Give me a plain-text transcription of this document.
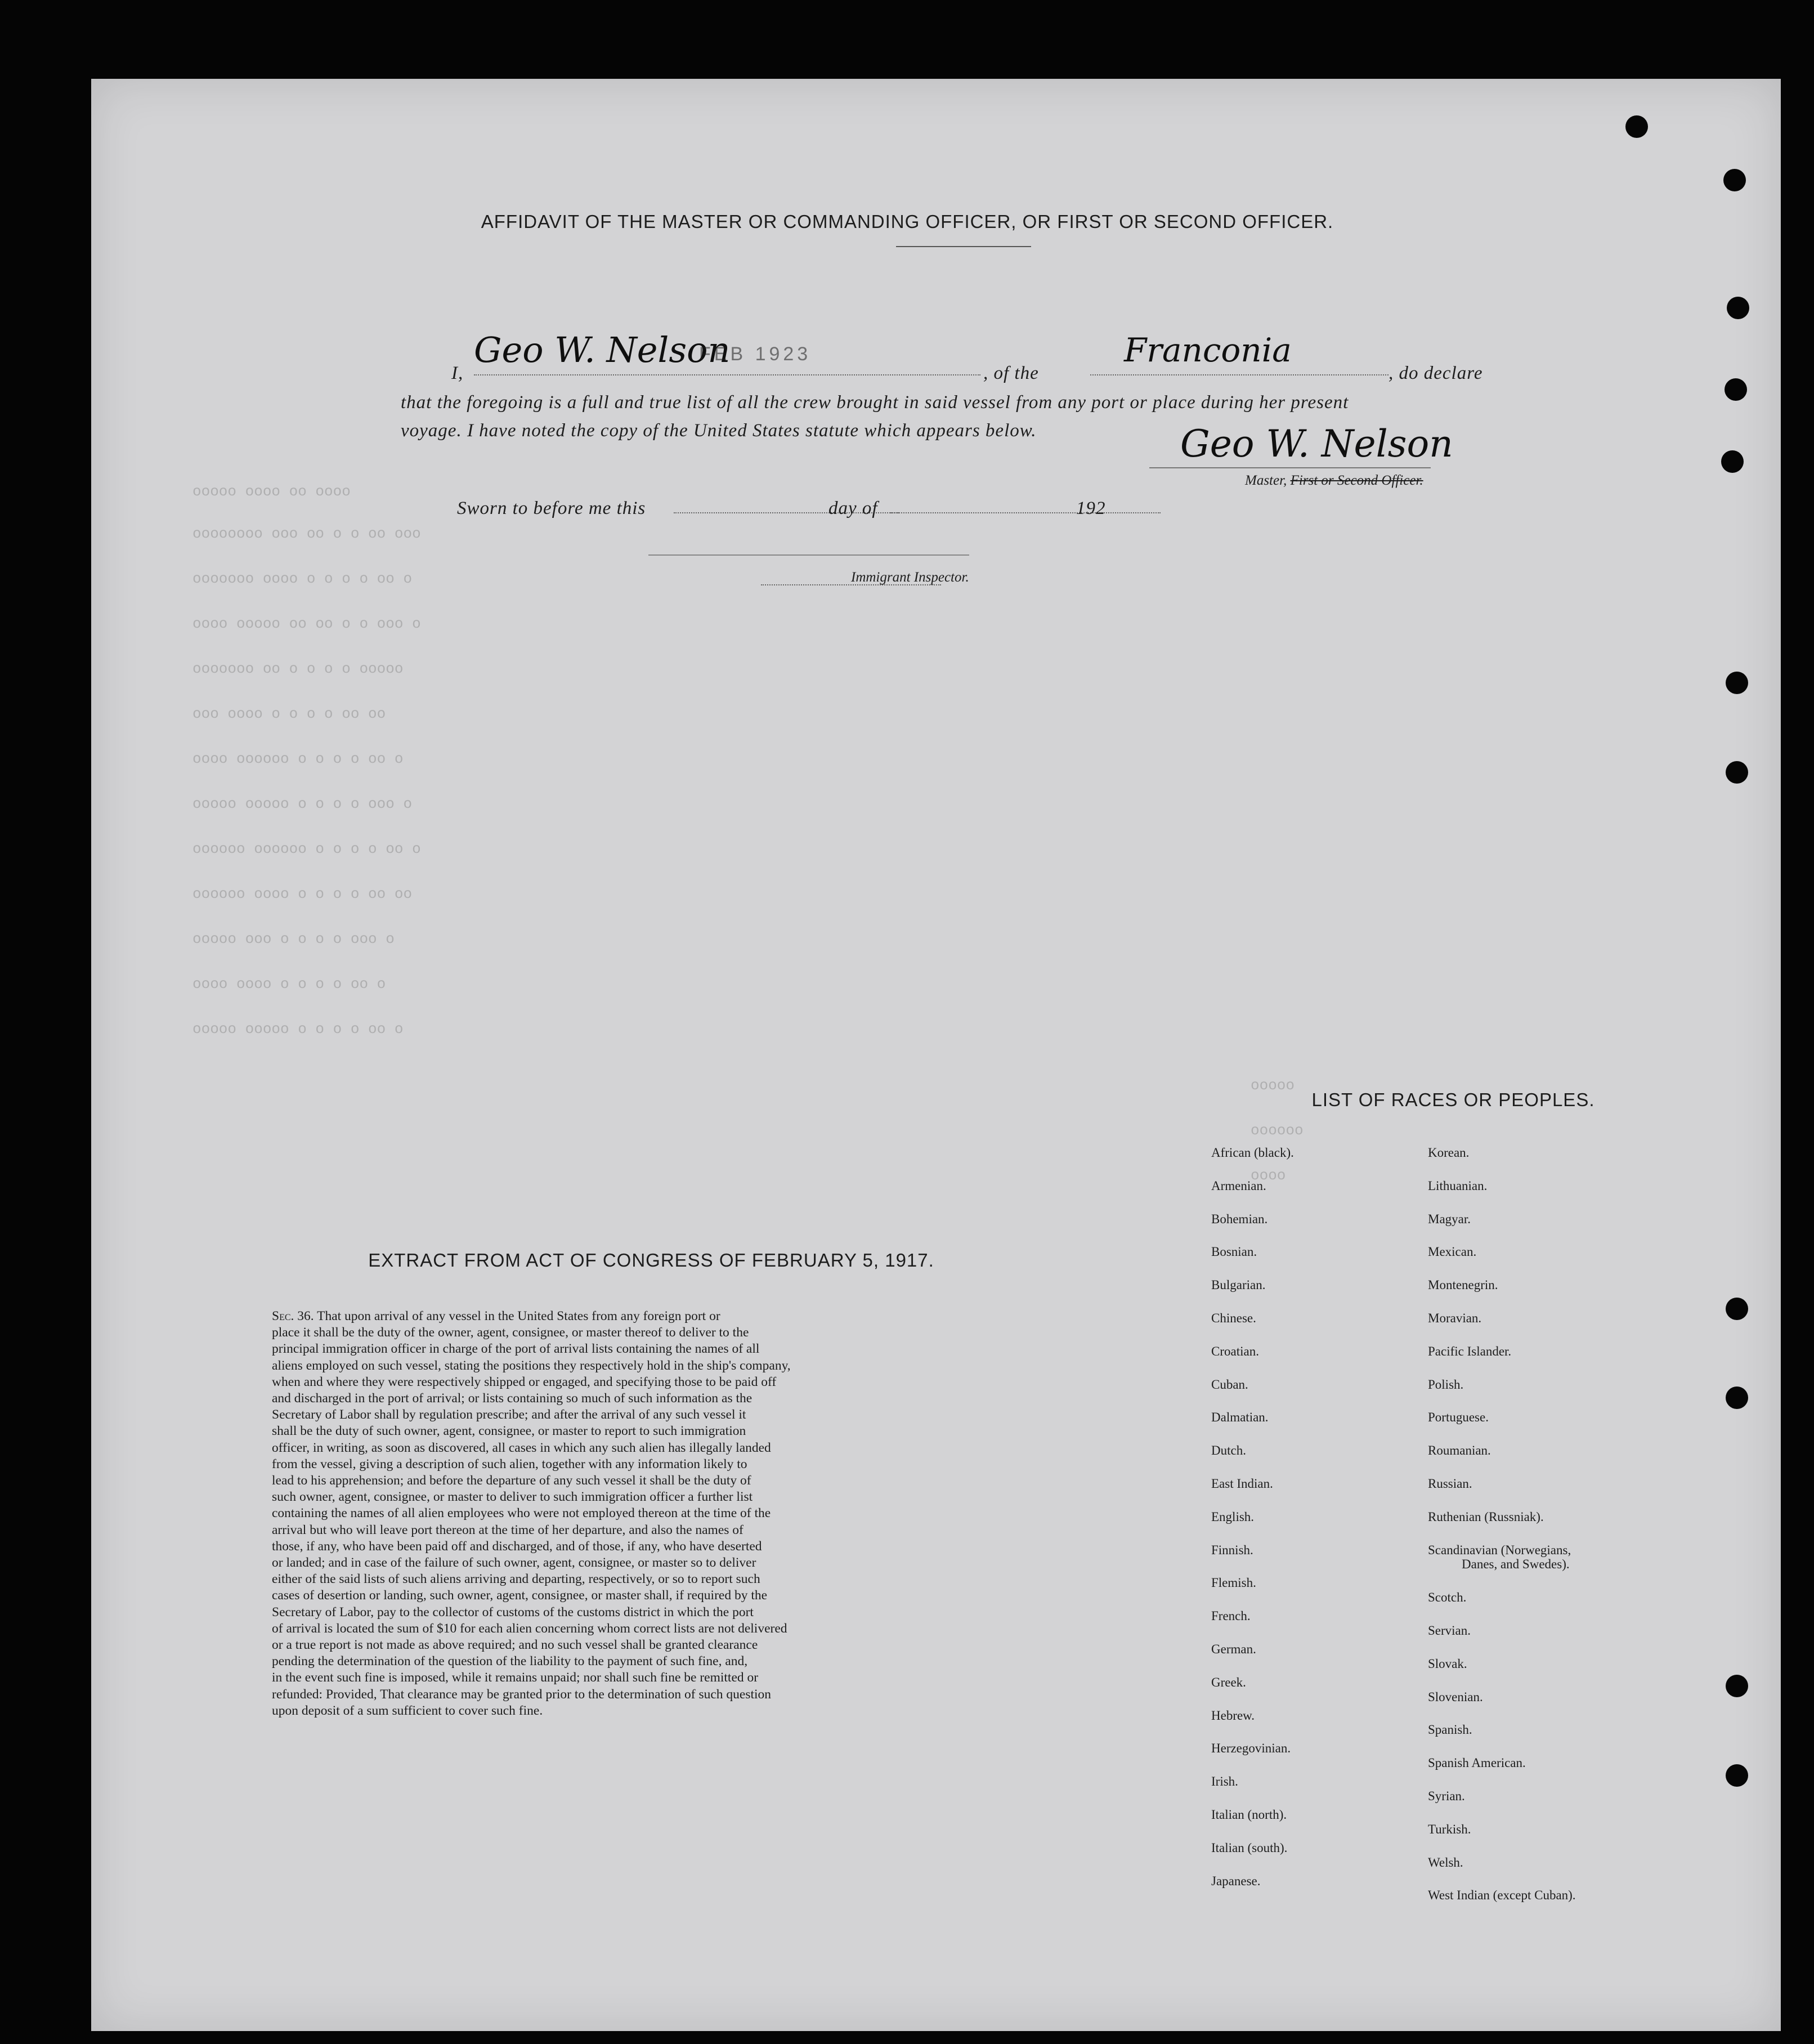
AFFIDAVIT OF THE MASTER OR COMMANDING OFFICER, OR FIRST OR SECOND OFFICER.
I,
Geo W. Nelson
FEB 1923
, of the
Franconia
, do declare
that the foregoing is a full and true list of all the crew brought in said vessel from any port or place during her present
voyage. I have noted the copy of the United States statute which appears below.	Geo W. Nelson
Master, First or Second Officer.
Sworn to before me this	day of	192
Immigrant Inspector.
ooooo oooo oo oooo
oooooooo ooo oo o o oo ooo
ooooooo oooo o o o o oo o
oooo ooooo oo oo o o ooo o
ooooooo oo o o o o ooooo
ooo oooo o o o o oo oo
oooo oooooo o o o o oo o
ooooo ooooo o o o o ooo o
oooooo oooooo o o o o oo o
oooooo oooo o o o o oo oo
ooooo ooo o o o o ooo o
oooo oooo o o o o oo o
ooooo ooooo o o o o oo o
ooooo
oooooo
oooo
EXTRACT FROM ACT OF CONGRESS OF FEBRUARY 5, 1917.
Sec. 36. That upon arrival of any vessel in the United States from any foreign port or
place it shall be the duty of the owner, agent, consignee, or master thereof to deliver to the
principal immigration officer in charge of the port of arrival lists containing the names of all
aliens employed on such vessel, stating the positions they respectively hold in the ship's company,
when and where they were respectively shipped or engaged, and specifying those to be paid off
and discharged in the port of arrival; or lists containing so much of such information as the
Secretary of Labor shall by regulation prescribe; and after the arrival of any such vessel it
shall be the duty of such owner, agent, consignee, or master to report to such immigration
officer, in writing, as soon as discovered, all cases in which any such alien has illegally landed
from the vessel, giving a description of such alien, together with any information likely to
lead to his apprehension; and before the departure of any such vessel it shall be the duty of
such owner, agent, consignee, or master to deliver to such immigration officer a further list
containing the names of all alien employees who were not employed thereon at the time of the
arrival but who will leave port thereon at the time of her departure, and also the names of
those, if any, who have been paid off and discharged, and of those, if any, who have deserted
or landed; and in case of the failure of such owner, agent, consignee, or master so to deliver
either of the said lists of such aliens arriving and departing, respectively, or so to report such
cases of desertion or landing, such owner, agent, consignee, or master shall, if required by the
Secretary of Labor, pay to the collector of customs of the customs district in which the port
of arrival is located the sum of $10 for each alien concerning whom correct lists are not delivered
or a true report is not made as above required; and no such vessel shall be granted clearance
pending the determination of the question of the liability to the payment of such fine, and,
in the event such fine is imposed, while it remains unpaid; nor shall such fine be remitted or
refunded: Provided, That clearance may be granted prior to the determination of such question
upon deposit of a sum sufficient to cover such fine.
LIST OF RACES OR PEOPLES.
African (black).
Armenian.
Bohemian.
Bosnian.
Bulgarian.
Chinese.
Croatian.
Cuban.
Dalmatian.
Dutch.
East Indian.
English.
Finnish.
Flemish.
French.
German.
Greek.
Hebrew.
Herzegovinian.
Irish.
Italian (north).
Italian (south).
Japanese.
Korean.
Lithuanian.
Magyar.
Mexican.
Montenegrin.
Moravian.
Pacific Islander.
Polish.
Portuguese.
Roumanian.
Russian.
Ruthenian (Russniak).
Scandinavian (Norwegians,
Danes, and Swedes).
Scotch.
Servian.
Slovak.
Slovenian.
Spanish.
Spanish American.
Syrian.
Turkish.
Welsh.
West Indian (except Cuban).
